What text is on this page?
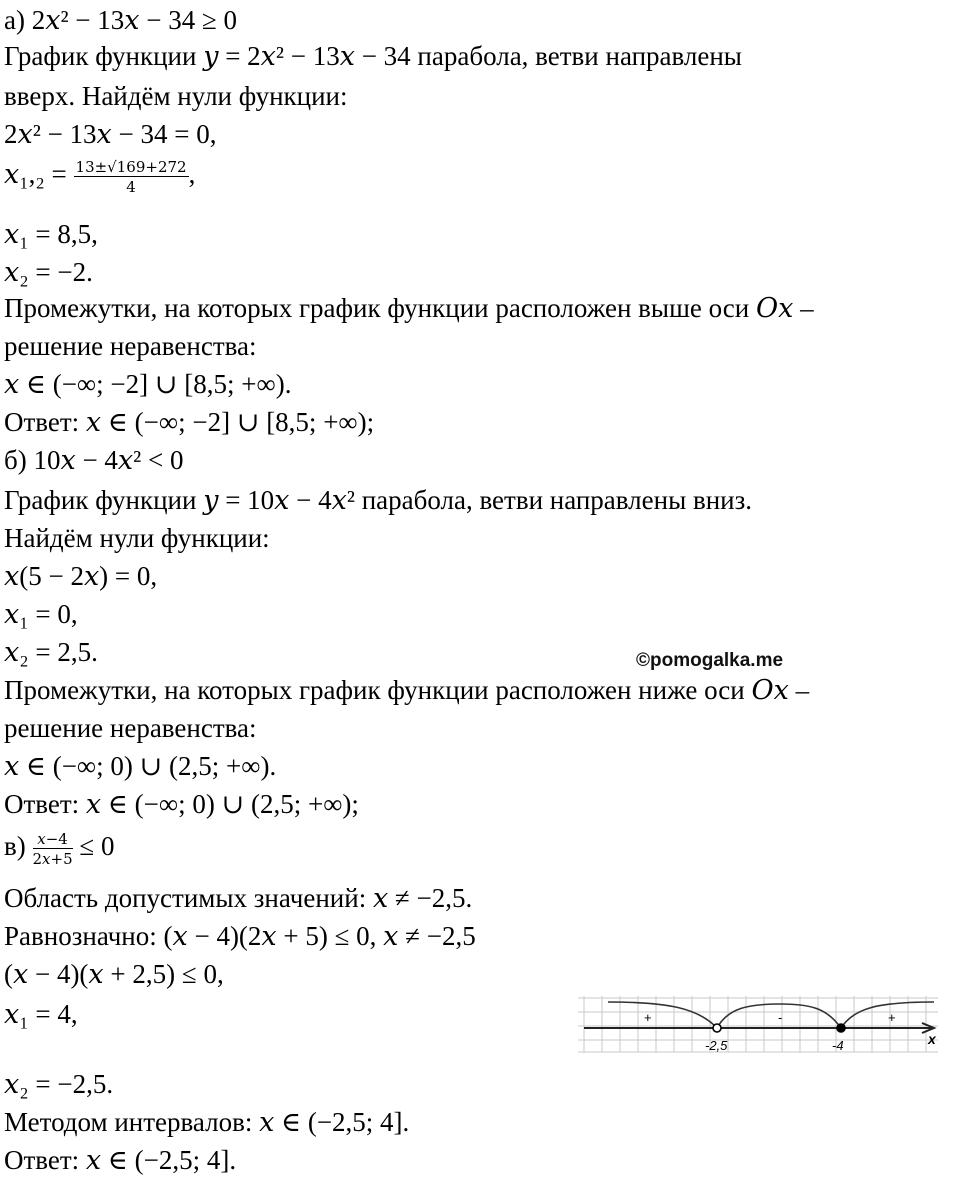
а) 2𝑥² − 13𝑥 − 34 ≥ 0
График функции 𝑦 = 2𝑥² − 13𝑥 − 34 парабола, ветви направлены
вверх. Найдём нули функции:
2𝑥² − 13𝑥 − 34 = 0,
𝑥₁,₂ = $\frac{13\pm√169+272}{4}$ ,
𝑥₁ = 8,5,
𝑥₂ = −2.
Промежутки, на которых график функции расположен выше оси 𝑂𝑥 –
решение неравенства:
𝑥 ∈ (−∞; −2] ∪ [8,5; +∞).
Ответ: 𝑥 ∈ (−∞; −2] ∪ [8,5; +∞);
б) 10𝑥 − 4𝑥² < 0
График функции 𝑦 = 10𝑥 − 4𝑥² парабола, ветви направлены вниз.
Найдём нули функции:
𝑥(5 − 2𝑥) = 0,
𝑥₁ = 0,
𝑥₂ = 2,5.
Промежутки, на которых график функции расположен ниже оси 𝑂𝑥 –
решение неравенства:
𝑥 ∈ (−∞; 0) ∪ (2,5; +∞).
Ответ: 𝑥 ∈ (−∞; 0) ∪ (2,5; +∞);
$в) \frac{\text{𝑥−4}}{\text{2𝑥+5}} \le 0$
Область допустимых значений: 𝑥 ≠ −2,5.
Равнозначно: (𝑥 − 4)(2𝑥 + 5) ≤ 0, 𝑥 ≠ −2,5
(𝑥 − 4)(𝑥 + 2,5) ≤ 0,
𝑥₁ = 4,
𝑥₂ = −2,5.
Методом интервалов: 𝑥 ∈ (−2,5; 4].
Ответ: 𝑥 ∈ (−2,5; 4].
©pomogalka.me
+	-	+
-2,5	-4	x
